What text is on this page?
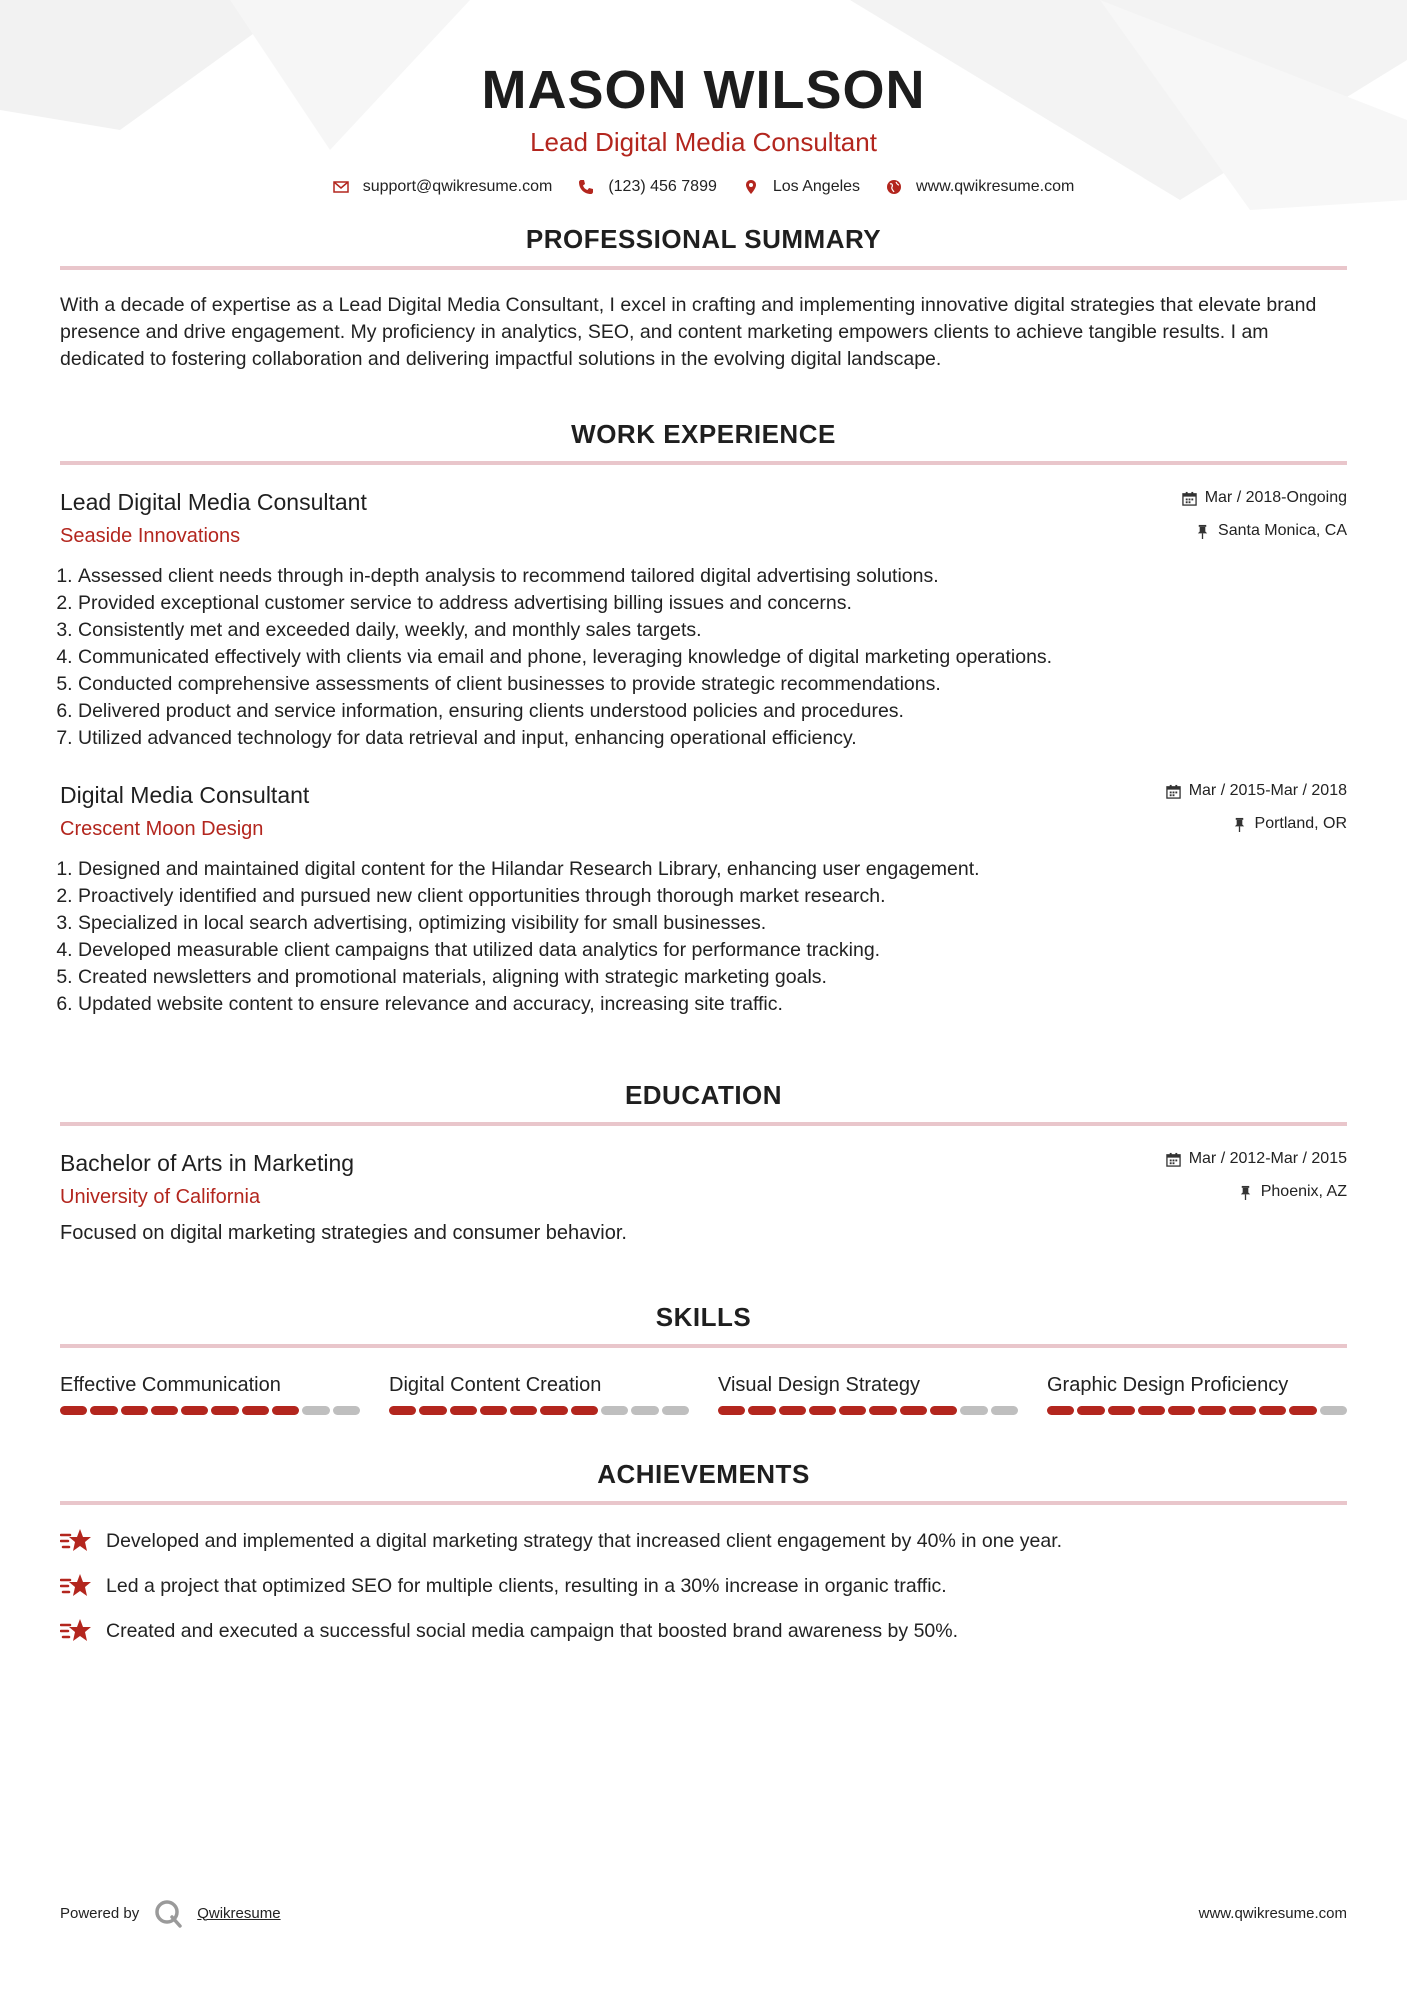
MASON WILSON
Lead Digital Media Consultant
support@qwikresume.com	(123) 456 7899	Los Angeles	www.qwikresume.com
PROFESSIONAL SUMMARY
With a decade of expertise as a Lead Digital Media Consultant, I excel in crafting and implementing innovative digital strategies that elevate brand presence and drive engagement. My proficiency in analytics, SEO, and content marketing empowers clients to achieve tangible results. I am dedicated to fostering collaboration and delivering impactful solutions in the evolving digital landscape.
WORK EXPERIENCE
Lead Digital Media Consultant
Seaside Innovations
Mar / 2018-Ongoing
Santa Monica, CA
1. Assessed client needs through in-depth analysis to recommend tailored digital advertising solutions.
2. Provided exceptional customer service to address advertising billing issues and concerns.
3. Consistently met and exceeded daily, weekly, and monthly sales targets.
4. Communicated effectively with clients via email and phone, leveraging knowledge of digital marketing operations.
5. Conducted comprehensive assessments of client businesses to provide strategic recommendations.
6. Delivered product and service information, ensuring clients understood policies and procedures.
7. Utilized advanced technology for data retrieval and input, enhancing operational efficiency.
Digital Media Consultant
Crescent Moon Design
Mar / 2015-Mar / 2018
Portland, OR
1. Designed and maintained digital content for the Hilandar Research Library, enhancing user engagement.
2. Proactively identified and pursued new client opportunities through thorough market research.
3. Specialized in local search advertising, optimizing visibility for small businesses.
4. Developed measurable client campaigns that utilized data analytics for performance tracking.
5. Created newsletters and promotional materials, aligning with strategic marketing goals.
6. Updated website content to ensure relevance and accuracy, increasing site traffic.
EDUCATION
Bachelor of Arts in Marketing
University of California
Mar / 2012-Mar / 2015
Phoenix, AZ
Focused on digital marketing strategies and consumer behavior.
SKILLS
Effective Communication	Digital Content Creation	Visual Design Strategy	Graphic Design Proficiency
ACHIEVEMENTS
Developed and implemented a digital marketing strategy that increased client engagement by 40% in one year.
Led a project that optimized SEO for multiple clients, resulting in a 30% increase in organic traffic.
Created and executed a successful social media campaign that boosted brand awareness by 50%.
Powered by	Qwikresume	www.qwikresume.com
